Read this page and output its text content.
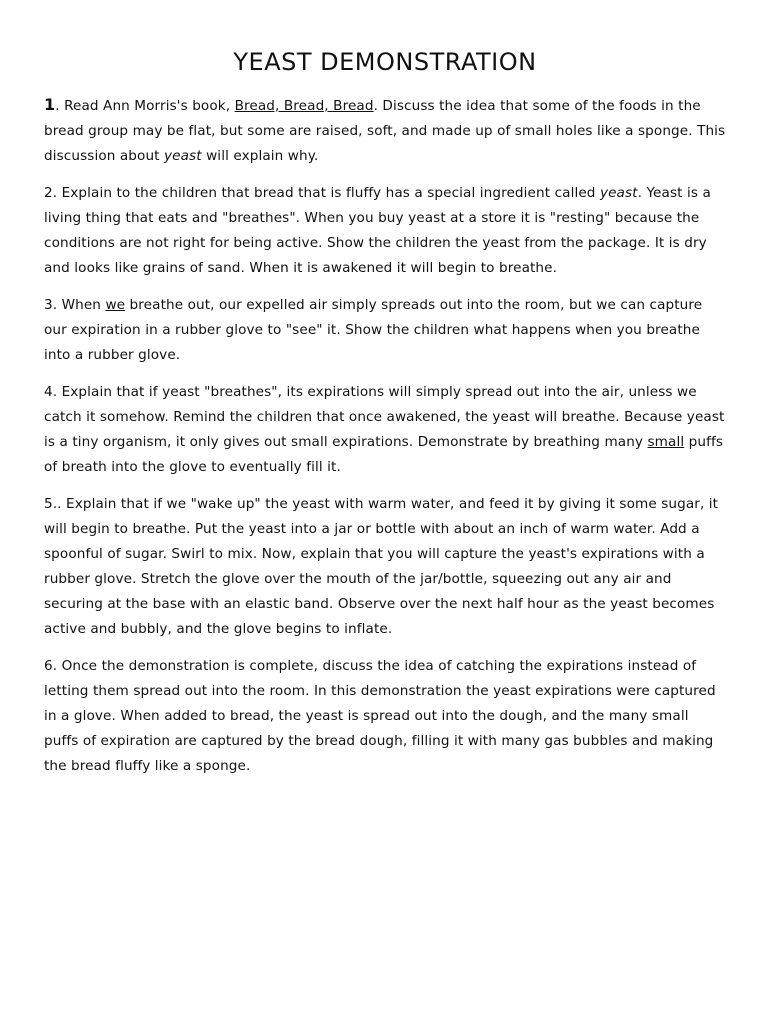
YEAST DEMONSTRATION

1. Read Ann Morris's book, Bread, Bread, Bread. Discuss the idea that some of the foods in the bread group may be flat, but some are raised, soft, and made up of small holes like a sponge. This discussion about yeast will explain why.

2. Explain to the children that bread that is fluffy has a special ingredient called yeast. Yeast is a living thing that eats and "breathes". When you buy yeast at a store it is "resting" because the conditions are not right for being active. Show the children the yeast from the package. It is dry and looks like grains of sand. When it is awakened it will begin to breathe.

3. When we breathe out, our expelled air simply spreads out into the room, but we can capture our expiration in a rubber glove to "see" it. Show the children what happens when you breathe into a rubber glove.

4. Explain that if yeast "breathes", its expirations will simply spread out into the air, unless we catch it somehow. Remind the children that once awakened, the yeast will breathe. Because yeast is a tiny organism, it only gives out small expirations. Demonstrate by breathing many small puffs of breath into the glove to eventually fill it.

5.. Explain that if we "wake up" the yeast with warm water, and feed it by giving it some sugar, it will begin to breathe. Put the yeast into a jar or bottle with about an inch of warm water. Add a spoonful of sugar. Swirl to mix. Now, explain that you will capture the yeast's expirations with a rubber glove. Stretch the glove over the mouth of the jar/bottle, squeezing out any air and securing at the base with an elastic band. Observe over the next half hour as the yeast becomes active and bubbly, and the glove begins to inflate.

6. Once the demonstration is complete, discuss the idea of catching the expirations instead of letting them spread out into the room. In this demonstration the yeast expirations were captured in a glove. When added to bread, the yeast is spread out into the dough, and the many small puffs of expiration are captured by the bread dough, filling it with many gas bubbles and making the bread fluffy like a sponge.
